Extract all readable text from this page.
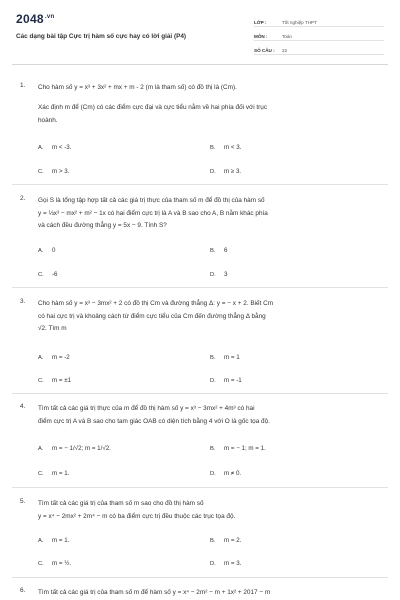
$2048^{.vn}$
Các dạng bài tập Cực trị hàm số cực hay có lời giải (P4)
LỚP :	Tốt nghiệp THPT
MÔN :	Toán
SỐ CÂU :	22
1. Cho hàm số y = x³ + 3x² + mx + m - 2 (m là tham số) có đồ thị là (Cm).
Xác định m để (Cm) có các điểm cực đại và cực tiểu nằm về hai phía đối với trục
hoành.
A. m < -3.	B. m < 3.
C. m > 3.	D. m ≥ 3.
2. Gọi S là tổng tập hợp tất cả các giá trị thực của tham số m để đồ thị của hàm số
y = ⅓x³ − mx² + m² − 1x có hai điểm cực trị là A và B sao cho A, B nằm khác phía
và cách đều đường thẳng y = 5x − 9. Tính S?
A. 0	B. 6
C. -6	D. 3
3. Cho hàm số y = x³ − 3mx² + 2 có đồ thị Cm và đường thẳng Δ: y = − x + 2. Biết Cm
có hai cực trị và khoảng cách từ điểm cực tiểu của Cm đến đường thẳng Δ bằng
√2. Tìm m
A. m = -2	B. m = 1
C. m = ±1	D. m = -1
4. Tìm tất cả các giá trị thực của m để đồ thị hàm số y = x³ − 3mx² + 4m³ có hai
điểm cực trị A và B sao cho tam giác OAB có diện tích bằng 4 với O là gốc tọa độ.
A. m = − 1/√2; m = 1/√2.	B. m = − 1; m = 1.
C. m = 1.	D. m ≠ 0.
5. Tìm tất cả các giá trị của tham số m sao cho đồ thị hàm số
y = x⁴ − 2mx² + 2m⁴ − m có ba điểm cực trị đều thuộc các trục tọa độ.
A. m = 1.	B. m = 2.
C. m = ½.	D. m = 3.
6. Tìm tất cả các giá trị của tham số m để hàm số y = x⁴ − 2m² − m + 1x² + 2017 − m
